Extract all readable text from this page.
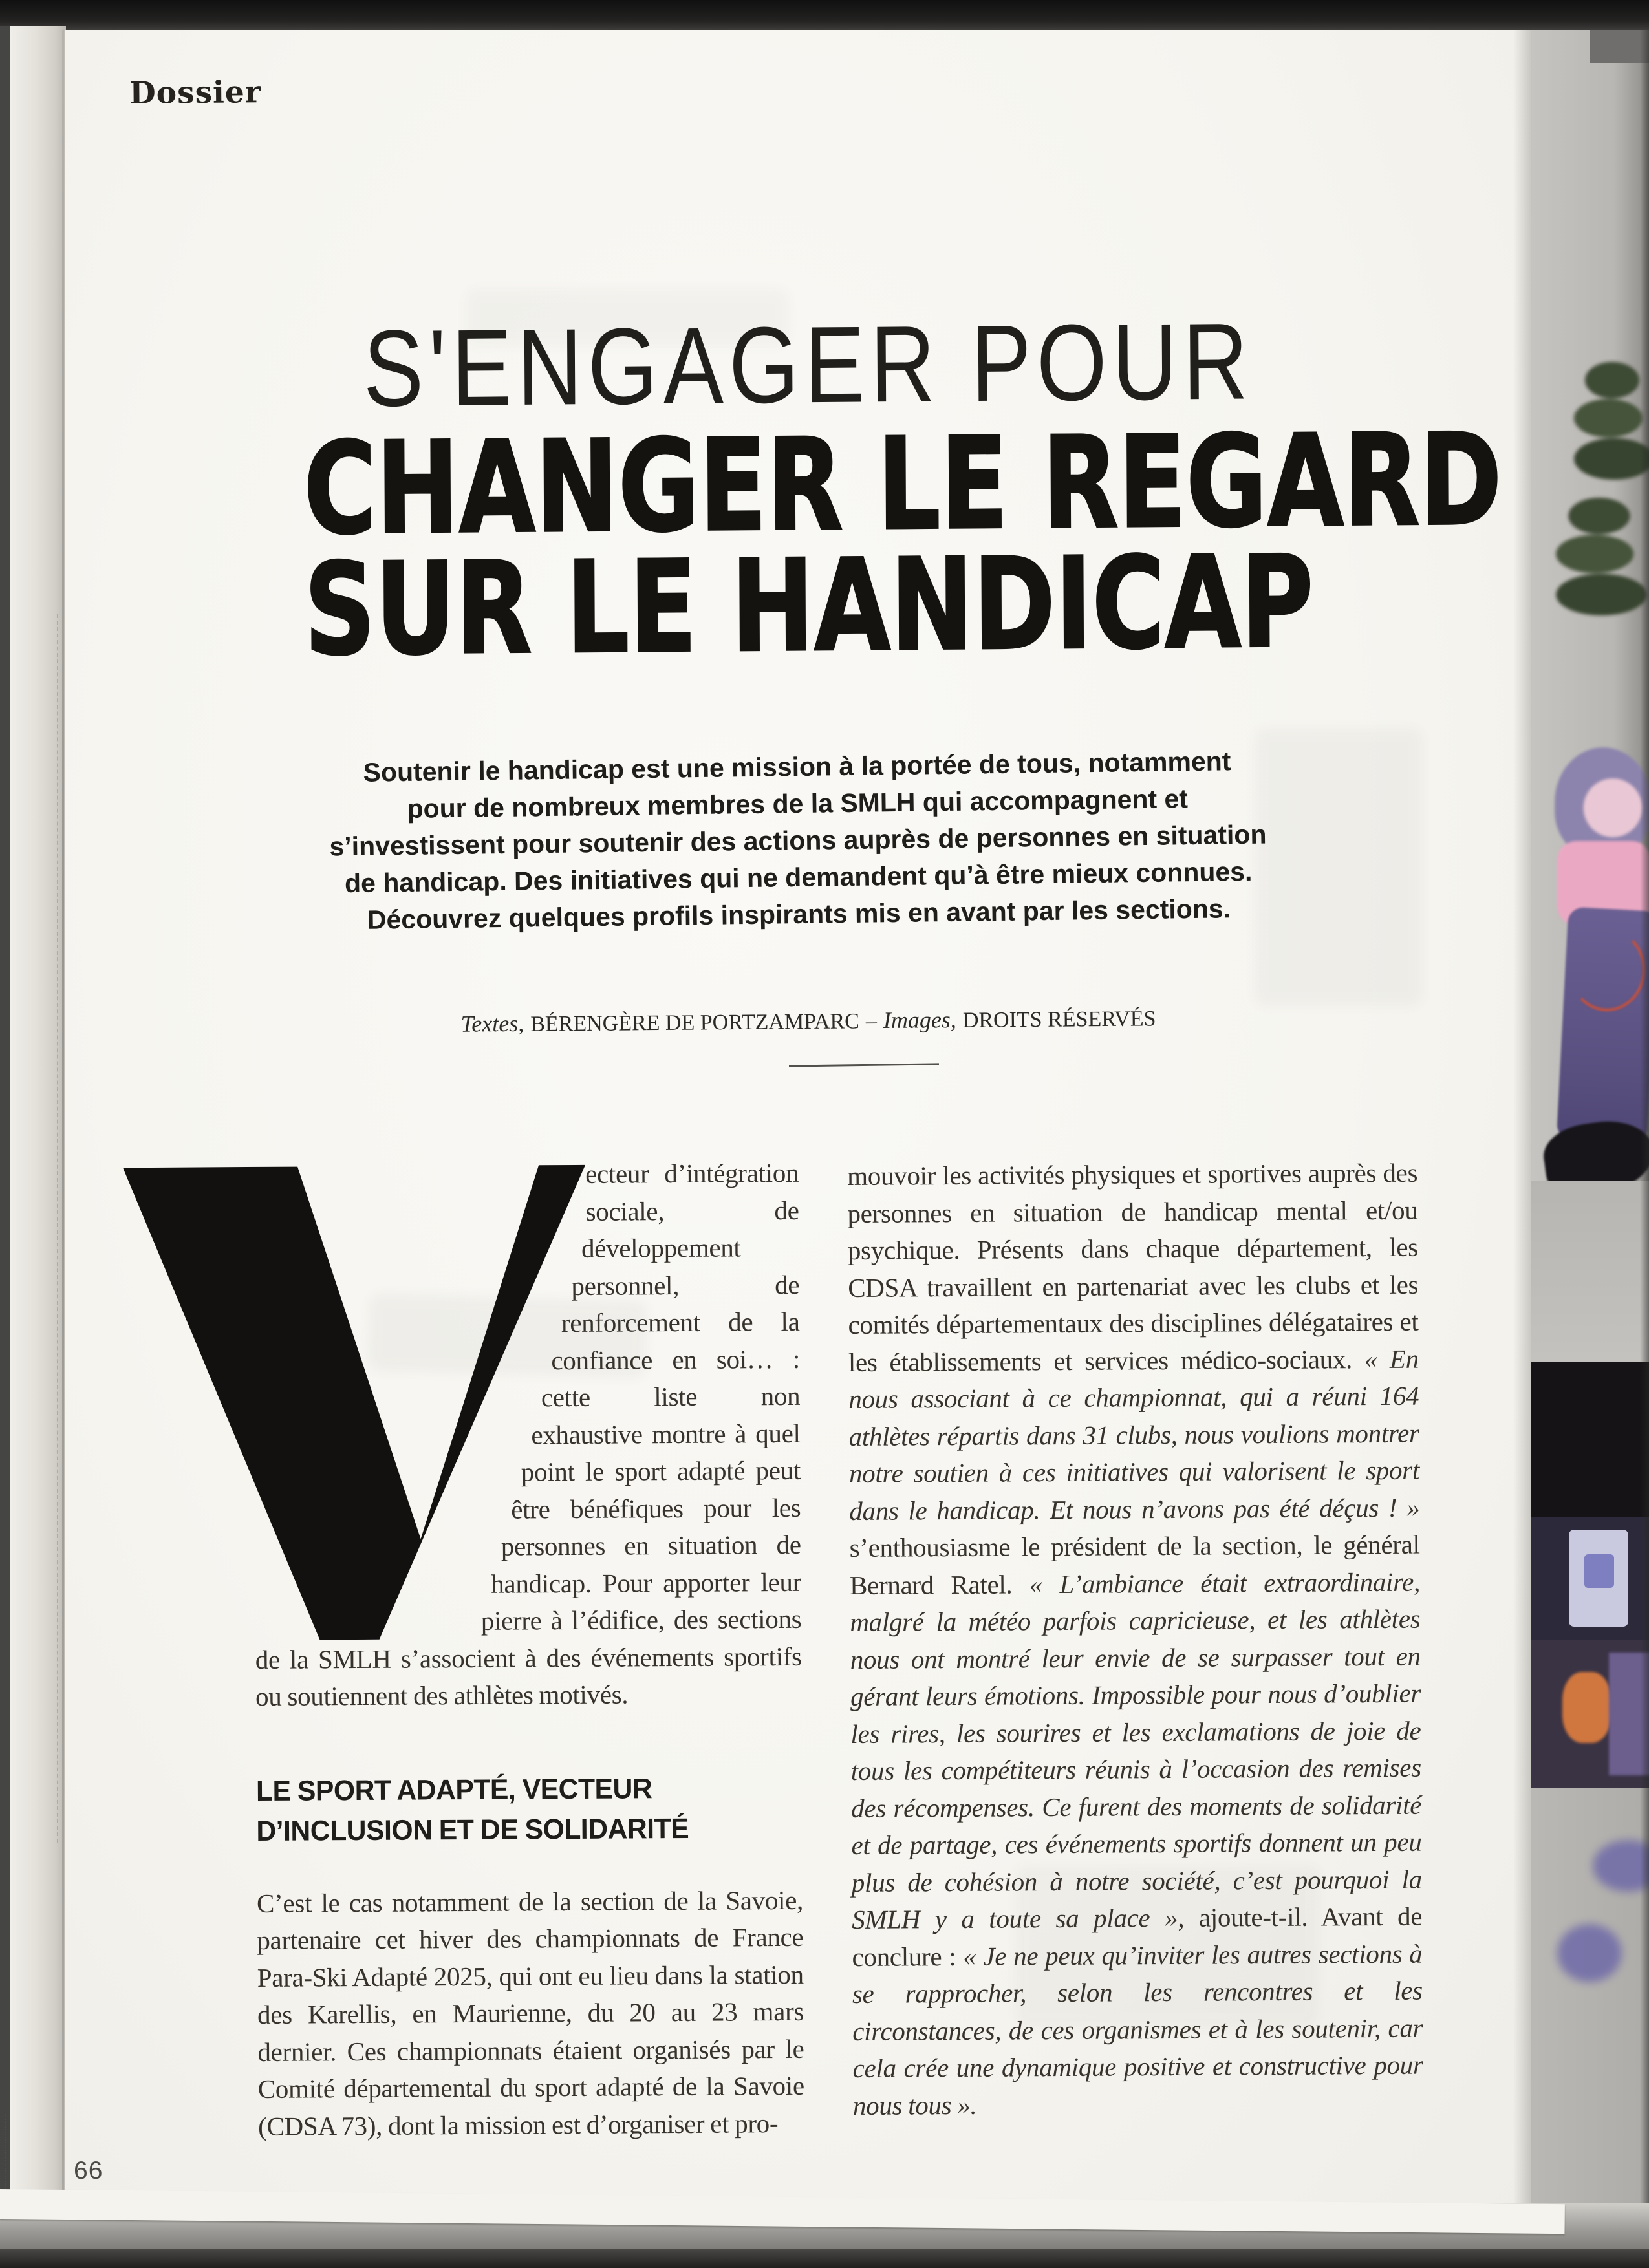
Dossier
S'ENGAGER POUR
CHANGER LE REGARD
SUR LE HANDICAP
Soutenir le handicap est une mission à la portée de tous, notamment
pour de nombreux membres de la SMLH qui accompagnent et
s’investissent pour soutenir des actions auprès de personnes en situation
de handicap. Des initiatives qui ne demandent qu’à être mieux connues.
Découvrez quelques profils inspirants mis en avant par les sections.
Textes, BÉRENGÈRE DE PORTZAMPARC – Images, DROITS RÉSERVÉS

ecteur d’intégration sociale, de développement personnel, de renforcement de la confiance en soi… : cette liste non exhaustive montre à quel point le sport adapté peut être bénéfiques pour les personnes en situation de handicap. Pour apporter leur pierre à l’édifice, des sections de la SMLH s’associent à des événements sportifs ou soutiennent des athlètes motivés.

LE SPORT ADAPTÉ, VECTEUR
D’INCLUSION ET DE SOLIDARITÉ

C’est le cas notamment de la section de la Savoie, partenaire cet hiver des championnats de France Para-Ski Adapté 2025, qui ont eu lieu dans la station des Karellis, en Maurienne, du 20 au 23 mars dernier. Ces championnats étaient organisés par le Comité départemental du sport adapté de la Savoie (CDSA 73), dont la mission est d’organiser et pro-

mouvoir les activités physiques et sportives auprès des personnes en situation de handicap mental et/ou psychique. Présents dans chaque département, les CDSA travaillent en partenariat avec les clubs et les comités départementaux des disciplines délégataires et les établissements et services médico-sociaux. « En nous associant à ce championnat, qui a réuni 164 athlètes répartis dans 31 clubs, nous voulions montrer notre soutien à ces initiatives qui valorisent le sport dans le handicap. Et nous n’avons pas été déçus ! » s’enthousiasme le président de la section, le général Bernard Ratel. « L’ambiance était extraordinaire, malgré la météo parfois capricieuse, et les athlètes nous ont montré leur envie de se surpasser tout en gérant leurs émotions. Impossible pour nous d’oublier les rires, les sourires et les exclamations de joie de tous les compétiteurs réunis à l’occasion des remises des récompenses. Ce furent des moments de solidarité et de partage, ces événements sportifs donnent un peu plus de cohésion à notre société, c’est pourquoi la SMLH y a toute sa place », ajoute-t-il. Avant de conclure : « Je ne peux qu’inviter les autres sections à se rapprocher, selon les rencontres et les circonstances, de ces organismes et à les soutenir, car cela crée une dynamique positive et constructive pour nous tous ».

66
